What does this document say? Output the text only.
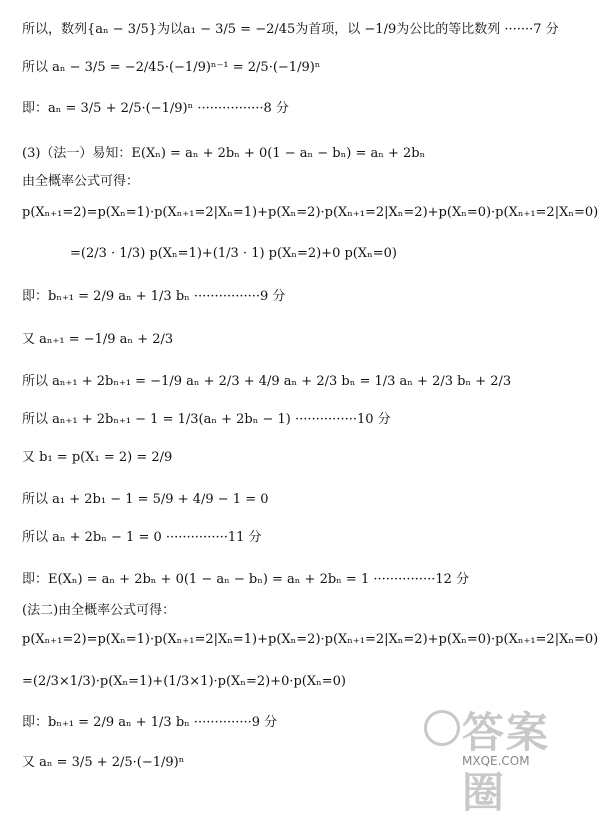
所以，数列{aₙ − 3/5}为以a₁ − 3/5 = −2/45为首项，以 −1/9为公比的等比数列 ·······7 分
所以 aₙ − 3/5 = −2/45·(−1/9)ⁿ⁻¹ = 2/5·(−1/9)ⁿ
即：aₙ = 3/5 + 2/5·(−1/9)ⁿ ················8 分
(3)（法一）易知：E(Xₙ) = aₙ + 2bₙ + 0(1 − aₙ − bₙ) = aₙ + 2bₙ
由全概率公式可得：
p(Xₙ₊₁=2)=p(Xₙ=1)·p(Xₙ₊₁=2|Xₙ=1)+p(Xₙ=2)·p(Xₙ₊₁=2|Xₙ=2)+p(Xₙ=0)·p(Xₙ₊₁=2|Xₙ=0)
=(2/3 · 1/3) p(Xₙ=1)+(1/3 · 1) p(Xₙ=2)+0 p(Xₙ=0)
即：bₙ₊₁ = 2/9 aₙ + 1/3 bₙ ················9 分
又 aₙ₊₁ = −1/9 aₙ + 2/3
所以 aₙ₊₁ + 2bₙ₊₁ = −1/9 aₙ + 2/3 + 4/9 aₙ + 2/3 bₙ = 1/3 aₙ + 2/3 bₙ + 2/3
所以 aₙ₊₁ + 2bₙ₊₁ − 1 = 1/3(aₙ + 2bₙ − 1) ···············10 分
又 b₁ = p(X₁ = 2) = 2/9
所以 a₁ + 2b₁ − 1 = 5/9 + 4/9 − 1 = 0
所以 aₙ + 2bₙ − 1 = 0 ···············11 分
即：E(Xₙ) = aₙ + 2bₙ + 0(1 − aₙ − bₙ) = aₙ + 2bₙ = 1 ···············12 分
(法二)由全概率公式可得：
p(Xₙ₊₁=2)=p(Xₙ=1)·p(Xₙ₊₁=2|Xₙ=1)+p(Xₙ=2)·p(Xₙ₊₁=2|Xₙ=2)+p(Xₙ=0)·p(Xₙ₊₁=2|Xₙ=0)
=(2/3×1/3)·p(Xₙ=1)+(1/3×1)·p(Xₙ=2)+0·p(Xₙ=0)
即：bₙ₊₁ = 2/9 aₙ + 1/3 bₙ ··············9 分
又 aₙ = 3/5 + 2/5·(−1/9)ⁿ
答案圈
MXQE.COM
